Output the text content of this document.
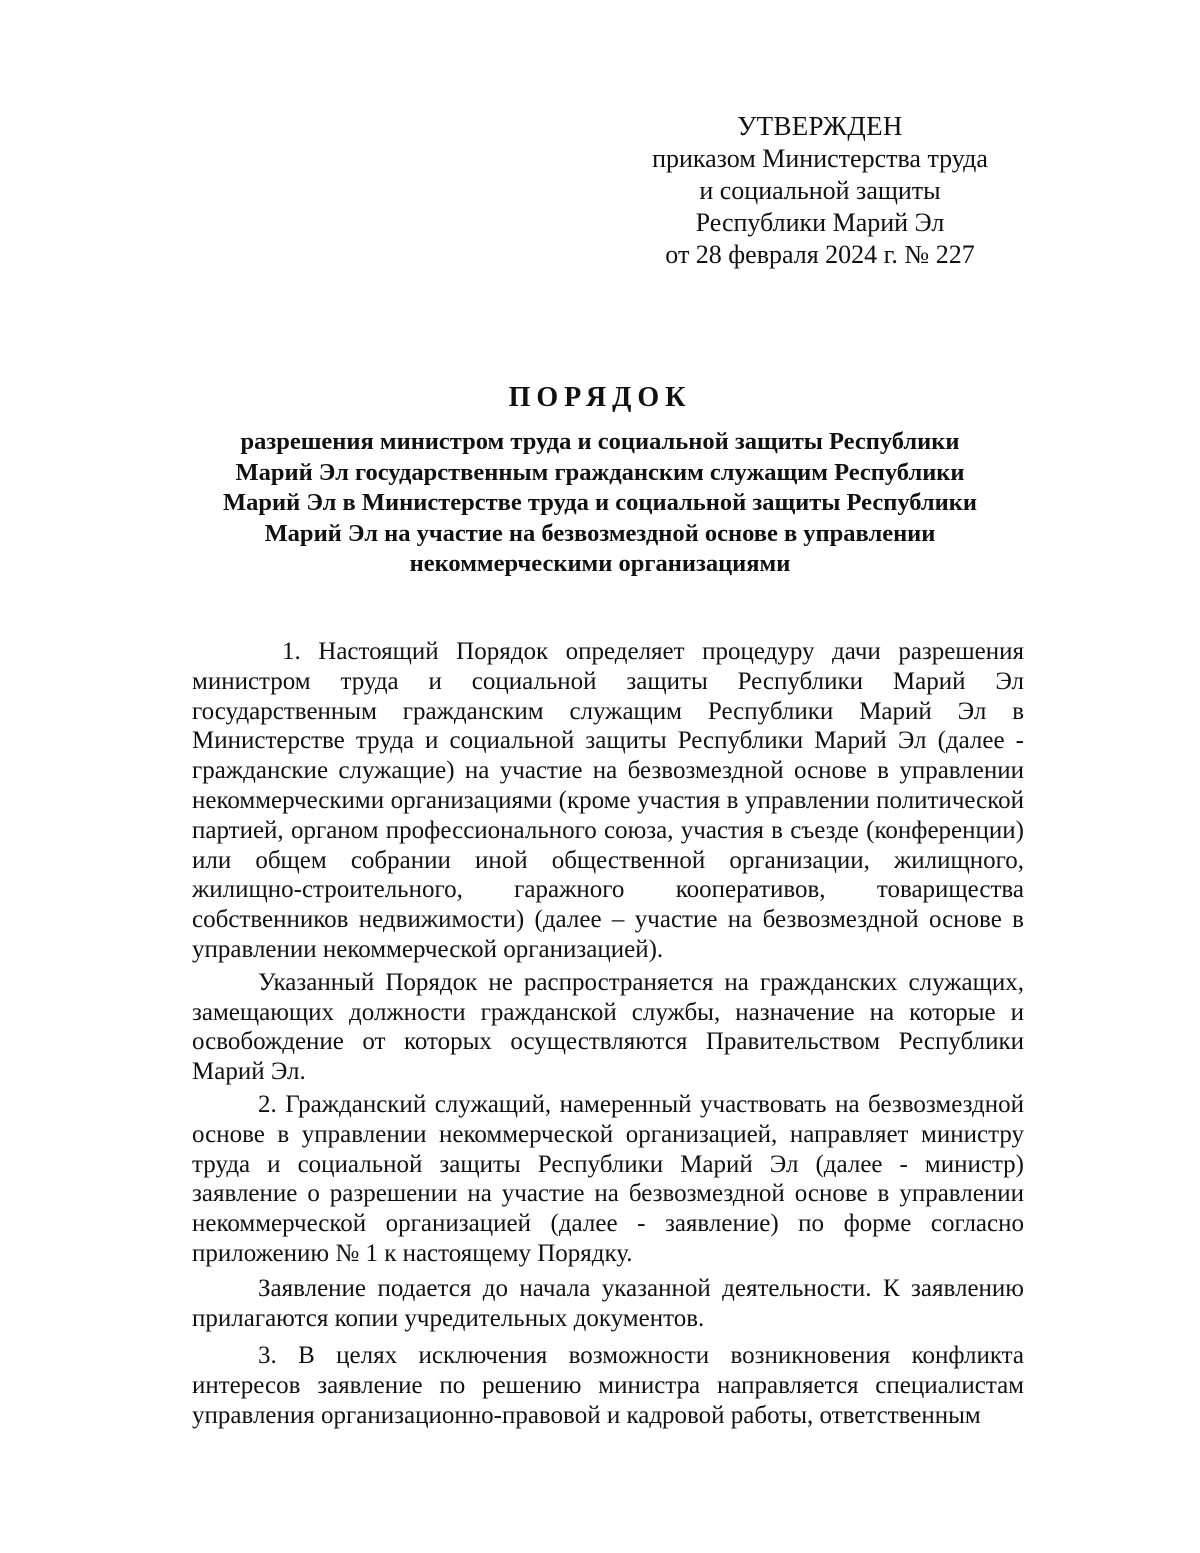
УТВЕРЖДЕН
приказом Министерства труда
и социальной защиты
Республики Марий Эл
от 28 февраля 2024 г. № 227
ПОРЯДОК
разрешения министром труда и социальной защиты Республики
Марий Эл государственным гражданским служащим Республики
Марий Эл в Министерстве труда и социальной защиты Республики
Марий Эл на участие на безвозмездной основе в управлении
некоммерческими организациями

1. Настоящий Порядок определяет процедуру дачи разрешения министром труда и социальной защиты Республики Марий Эл государственным гражданским служащим Республики Марий Эл в Министерстве труда и социальной защиты Республики Марий Эл (далее - гражданские служащие) на участие на безвозмездной основе в управлении некоммерческими организациями (кроме участия в управлении политической партией, органом профессионального союза, участия в съезде (конференции) или общем собрании иной общественной организации, жилищного, жилищно-строительного, гаражного кооперативов, товарищества собственников недвижимости) (далее – участие на безвозмездной основе в управлении некоммерческой организацией).

Указанный Порядок не распространяется на гражданских служащих, замещающих должности гражданской службы, назначение на которые и освобождение от которых осуществляются Правительством Республики Марий Эл.

2. Гражданский служащий, намеренный участвовать на безвозмездной основе в управлении некоммерческой организацией, направляет министру труда и социальной защиты Республики Марий Эл (далее - министр) заявление о разрешении на участие на безвозмездной основе в управлении некоммерческой организацией (далее - заявление) по форме согласно приложению № 1 к настоящему Порядку.

Заявление подается до начала указанной деятельности. К заявлению прилагаются копии учредительных документов.

3. В целях исключения возможности возникновения конфликта интересов заявление по решению министра направляется специалистам управления организационно-правовой и кадровой работы, ответственным
